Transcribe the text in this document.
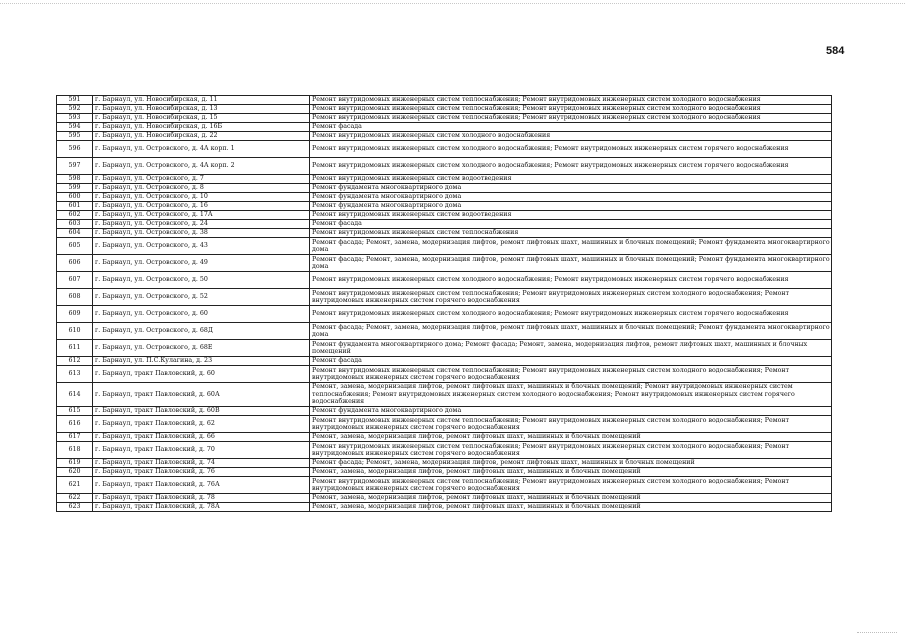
584
591	г. Барнаул, ул. Новосибирская, д. 11	Ремонт внутридомовых инженерных систем теплоснабжения; Ремонт внутридомовых инженерных систем холодного водоснабжения
592	г. Барнаул, ул. Новосибирская, д. 13	Ремонт внутридомовых инженерных систем теплоснабжения; Ремонт внутридомовых инженерных систем холодного водоснабжения
593	г. Барнаул, ул. Новосибирская, д. 15	Ремонт внутридомовых инженерных систем теплоснабжения; Ремонт внутридомовых инженерных систем холодного водоснабжения
594	г. Барнаул, ул. Новосибирская, д. 16Б	Ремонт фасада
595	г. Барнаул, ул. Новосибирская, д. 22	Ремонт внутридомовых инженерных систем холодного водоснабжения
596	г. Барнаул, ул. Островского, д. 4А корп. 1	Ремонт внутридомовых инженерных систем холодного водоснабжения; Ремонт внутридомовых инженерных систем горячего водоснабжения
597	г. Барнаул, ул. Островского, д. 4А корп. 2	Ремонт внутридомовых инженерных систем холодного водоснабжения; Ремонт внутридомовых инженерных систем горячего водоснабжения
598	г. Барнаул, ул. Островского, д. 7	Ремонт внутридомовых инженерных систем водоотведения
599	г. Барнаул, ул. Островского, д. 8	Ремонт фундамента многоквартирного дома
600	г. Барнаул, ул. Островского, д. 10	Ремонт фундамента многоквартирного дома
601	г. Барнаул, ул. Островского, д. 16	Ремонт фундамента многоквартирного дома
602	г. Барнаул, ул. Островского, д. 17А	Ремонт внутридомовых инженерных систем водоотведения
603	г. Барнаул, ул. Островского, д. 24	Ремонт фасада
604	г. Барнаул, ул. Островского, д. 38	Ремонт внутридомовых инженерных систем теплоснабжения
605	г. Барнаул, ул. Островского, д. 43	Ремонт фасада; Ремонт, замена, модернизация лифтов, ремонт лифтовых шахт, машинных и блочных помещений; Ремонт фундамента многоквартирного дома
606	г. Барнаул, ул. Островского, д. 49	Ремонт фасада; Ремонт, замена, модернизация лифтов, ремонт лифтовых шахт, машинных и блочных помещений; Ремонт фундамента многоквартирного дома
607	г. Барнаул, ул. Островского, д. 50	Ремонт внутридомовых инженерных систем холодного водоснабжения; Ремонт внутридомовых инженерных систем горячего водоснабжения
608	г. Барнаул, ул. Островского, д. 52	Ремонт внутридомовых инженерных систем теплоснабжения; Ремонт внутридомовых инженерных систем холодного водоснабжения; Ремонт внутридомовых инженерных систем горячего водоснабжения
609	г. Барнаул, ул. Островского, д. 60	Ремонт внутридомовых инженерных систем холодного водоснабжения; Ремонт внутридомовых инженерных систем горячего водоснабжения
610	г. Барнаул, ул. Островского, д. 68Д	Ремонт фасада; Ремонт, замена, модернизация лифтов, ремонт лифтовых шахт, машинных и блочных помещений; Ремонт фундамента многоквартирного дома
611	г. Барнаул, ул. Островского, д. 68Е	Ремонт фундамента многоквартирного дома; Ремонт фасада; Ремонт, замена, модернизация лифтов, ремонт лифтовых шахт, машинных и блочных помещений
612	г. Барнаул, ул. П.С.Кулагина, д. 23	Ремонт фасада
613	г. Барнаул, тракт Павловский, д. 60	Ремонт внутридомовых инженерных систем теплоснабжения; Ремонт внутридомовых инженерных систем холодного водоснабжения; Ремонт внутридомовых инженерных систем горячего водоснабжения
614	г. Барнаул, тракт Павловский, д. 60А	Ремонт, замена, модернизация лифтов, ремонт лифтовых шахт, машинных и блочных помещений; Ремонт внутридомовых инженерных систем теплоснабжения; Ремонт внутридомовых инженерных систем холодного водоснабжения; Ремонт внутридомовых инженерных систем горячего водоснабжения
615	г. Барнаул, тракт Павловский, д. 60В	Ремонт фундамента многоквартирного дома
616	г. Барнаул, тракт Павловский, д. 62	Ремонт внутридомовых инженерных систем теплоснабжения; Ремонт внутридомовых инженерных систем холодного водоснабжения; Ремонт внутридомовых инженерных систем горячего водоснабжения
617	г. Барнаул, тракт Павловский, д. 66	Ремонт, замена, модернизация лифтов, ремонт лифтовых шахт, машинных и блочных помещений
618	г. Барнаул, тракт Павловский, д. 70	Ремонт внутридомовых инженерных систем теплоснабжения; Ремонт внутридомовых инженерных систем холодного водоснабжения; Ремонт внутридомовых инженерных систем горячего водоснабжения
619	г. Барнаул, тракт Павловский, д. 74	Ремонт фасада; Ремонт, замена, модернизация лифтов, ремонт лифтовых шахт, машинных и блочных помещений
620	г. Барнаул, тракт Павловский, д. 76	Ремонт, замена, модернизация лифтов, ремонт лифтовых шахт, машинных и блочных помещений
621	г. Барнаул, тракт Павловский, д. 76А	Ремонт внутридомовых инженерных систем теплоснабжения; Ремонт внутридомовых инженерных систем холодного водоснабжения; Ремонт внутридомовых инженерных систем горячего водоснабжения
622	г. Барнаул, тракт Павловский, д. 78	Ремонт, замена, модернизация лифтов, ремонт лифтовых шахт, машинных и блочных помещений
623	г. Барнаул, тракт Павловский, д. 78А	Ремонт, замена, модернизация лифтов, ремонт лифтовых шахт, машинных и блочных помещений
